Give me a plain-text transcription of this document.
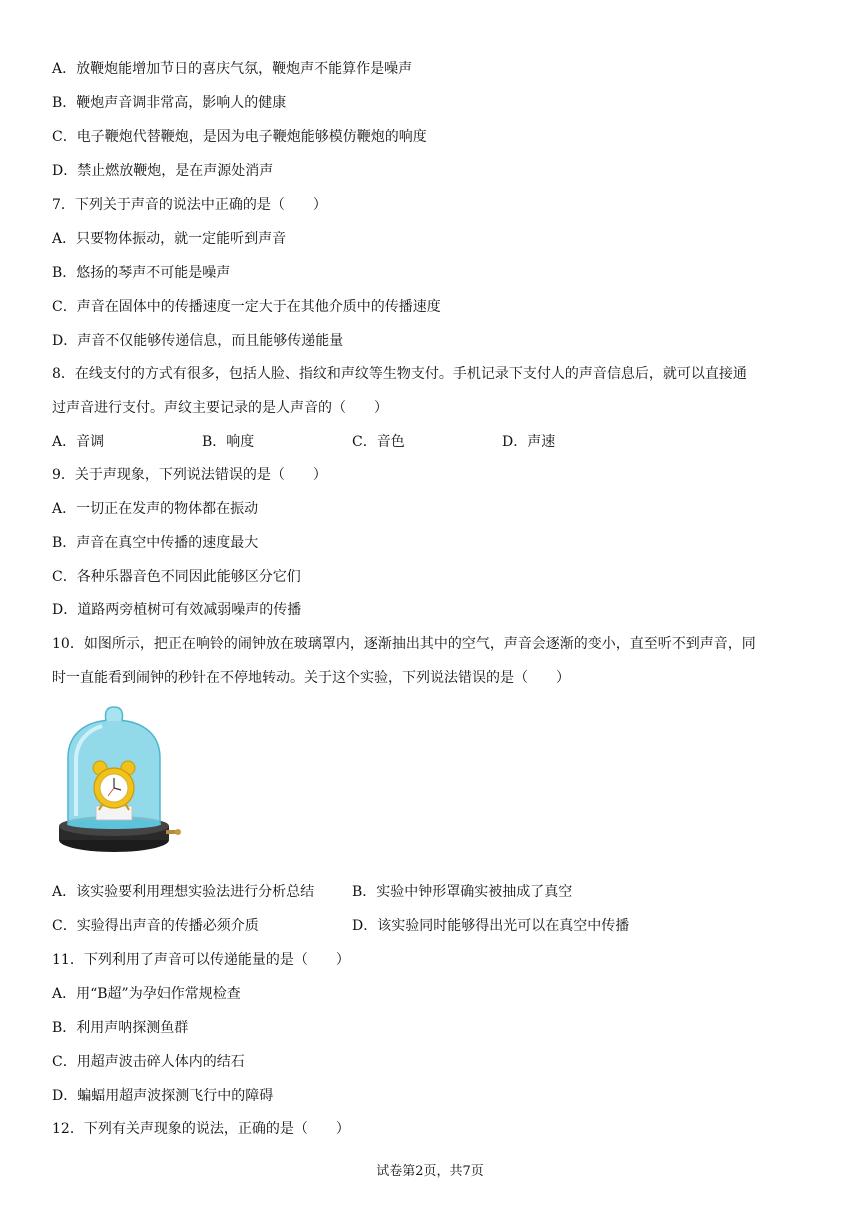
A．放鞭炮能增加节日的喜庆气氛，鞭炮声不能算作是噪声
B．鞭炮声音调非常高，影响人的健康
C．电子鞭炮代替鞭炮，是因为电子鞭炮能够模仿鞭炮的响度
D．禁止燃放鞭炮，是在声源处消声
7．下列关于声音的说法中正确的是（　　）
A．只要物体振动，就一定能听到声音
B．悠扬的琴声不可能是噪声
C．声音在固体中的传播速度一定大于在其他介质中的传播速度
D．声音不仅能够传递信息，而且能够传递能量
8．在线支付的方式有很多，包括人脸、指纹和声纹等生物支付。手机记录下支付人的声音信息后，就可以直接通
过声音进行支付。声纹主要记录的是人声音的（　　）
A．音调	B．响度	C．音色	D．声速
9．关于声现象，下列说法错误的是（　　）
A．一切正在发声的物体都在振动
B．声音在真空中传播的速度最大
C．各种乐器音色不同因此能够区分它们
D．道路两旁植树可有效减弱噪声的传播
10．如图所示，把正在响铃的闹钟放在玻璃罩内，逐渐抽出其中的空气，声音会逐渐的变小，直至听不到声音，同
时一直能看到闹钟的秒针在不停地转动。关于这个实验，下列说法错误的是（　　）
A．该实验要利用理想实验法进行分析总结	B．实验中钟形罩确实被抽成了真空
C．实验得出声音的传播必须介质	D．该实验同时能够得出光可以在真空中传播
11．下列利用了声音可以传递能量的是（　　）
A．用“B超”为孕妇作常规检查
B．利用声呐探测鱼群
C．用超声波击碎人体内的结石
D．蝙蝠用超声波探测飞行中的障碍
12．下列有关声现象的说法，正确的是（　　）
试卷第2页，共7页
